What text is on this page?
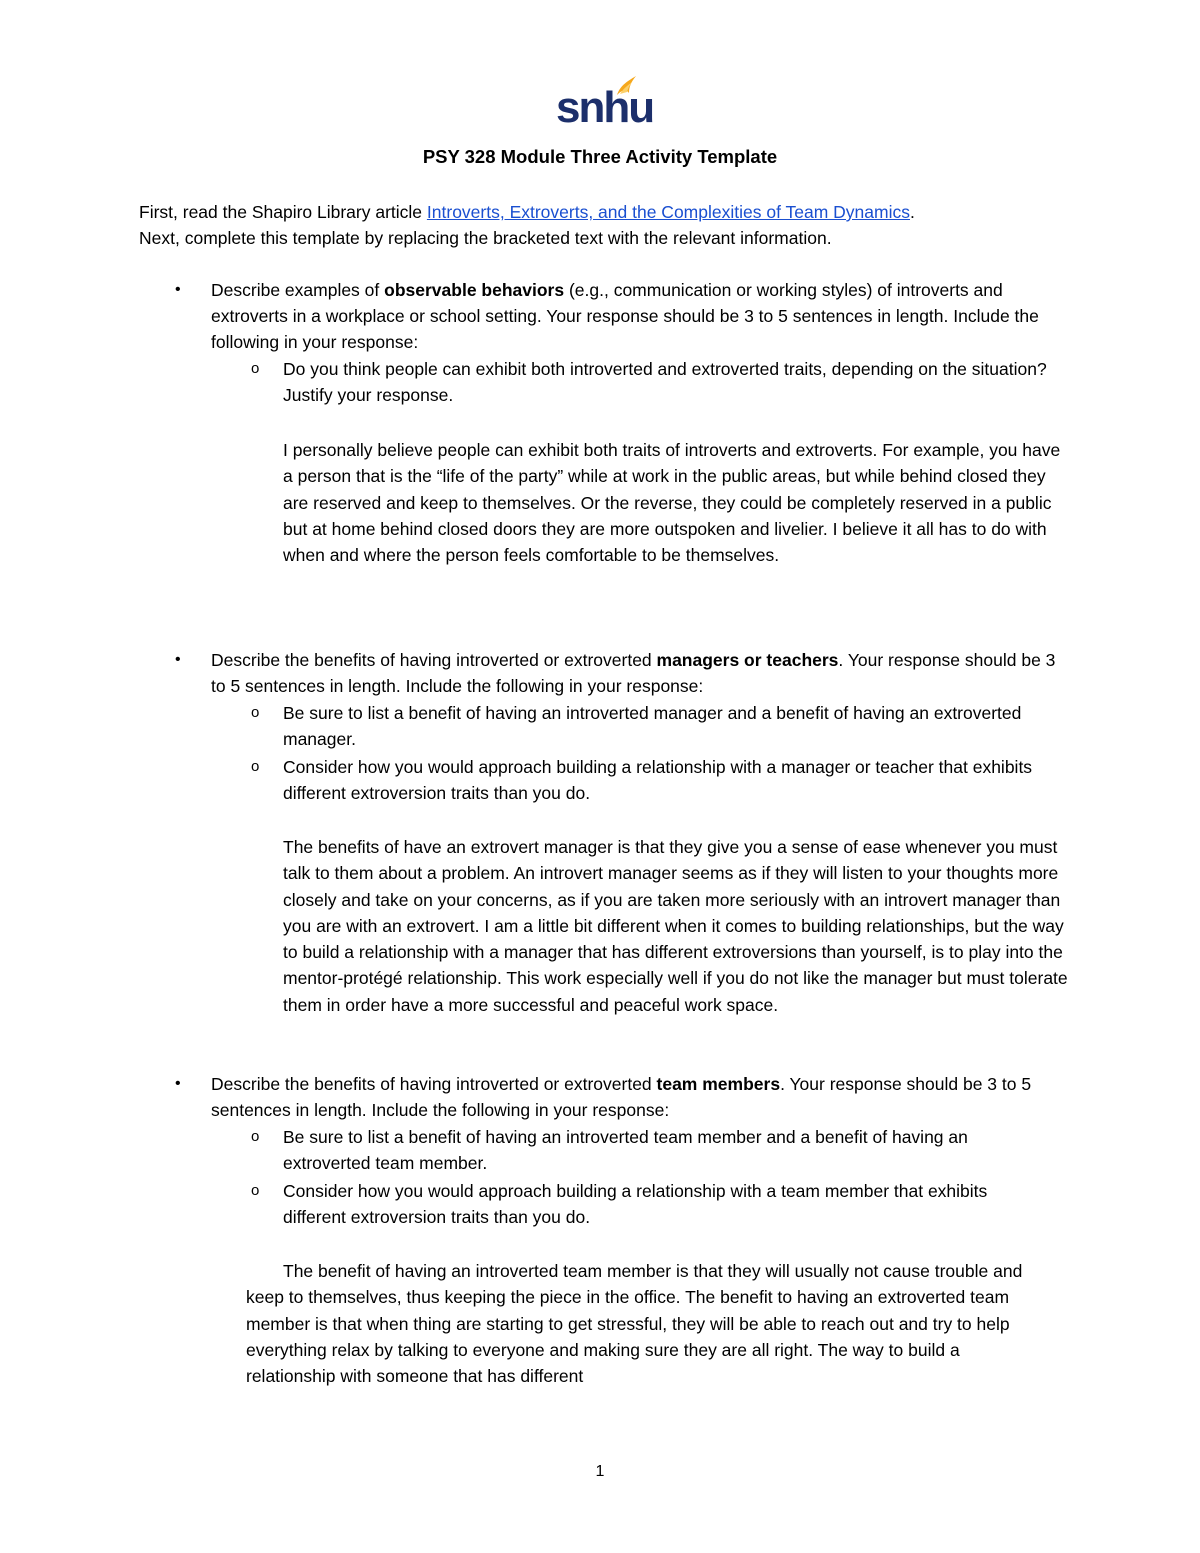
snhu
PSY 328 Module Three Activity Template
First, read the Shapiro Library article Introverts, Extroverts, and the Complexities of Team Dynamics.
Next, complete this template by replacing the bracketed text with the relevant information.
• Describe examples of observable behaviors (e.g., communication or working styles) of introverts and extroverts in a workplace or school setting. Your response should be 3 to 5 sentences in length. Include the following in your response:
o Do you think people can exhibit both introverted and extroverted traits, depending on the situation? Justify your response.
I personally believe people can exhibit both traits of introverts and extroverts. For example, you have a person that is the “life of the party” while at work in the public areas, but while behind closed they are reserved and keep to themselves. Or the reverse, they could be completely reserved in a public but at home behind closed doors they are more outspoken and livelier. I believe it all has to do with when and where the person feels comfortable to be themselves.
• Describe the benefits of having introverted or extroverted managers or teachers. Your response should be 3 to 5 sentences in length. Include the following in your response:
o Be sure to list a benefit of having an introverted manager and a benefit of having an extroverted manager.
o Consider how you would approach building a relationship with a manager or teacher that exhibits different extroversion traits than you do.
The benefits of have an extrovert manager is that they give you a sense of ease whenever you must talk to them about a problem. An introvert manager seems as if they will listen to your thoughts more closely and take on your concerns, as if you are taken more seriously with an introvert manager than you are with an extrovert. I am a little bit different when it comes to building relationships, but the way to build a relationship with a manager that has different extroversions than yourself, is to play into the mentor-protégé relationship. This work especially well if you do not like the manager but must tolerate them in order have a more successful and peaceful work space.
• Describe the benefits of having introverted or extroverted team members. Your response should be 3 to 5 sentences in length. Include the following in your response:
o Be sure to list a benefit of having an introverted team member and a benefit of having an extroverted team member.
o Consider how you would approach building a relationship with a team member that exhibits different extroversion traits than you do.
The benefit of having an introverted team member is that they will usually not cause trouble and keep to themselves, thus keeping the piece in the office. The benefit to having an extroverted team member is that when thing are starting to get stressful, they will be able to reach out and try to help everything relax by talking to everyone and making sure they are all right. The way to build a relationship with someone that has different
1
